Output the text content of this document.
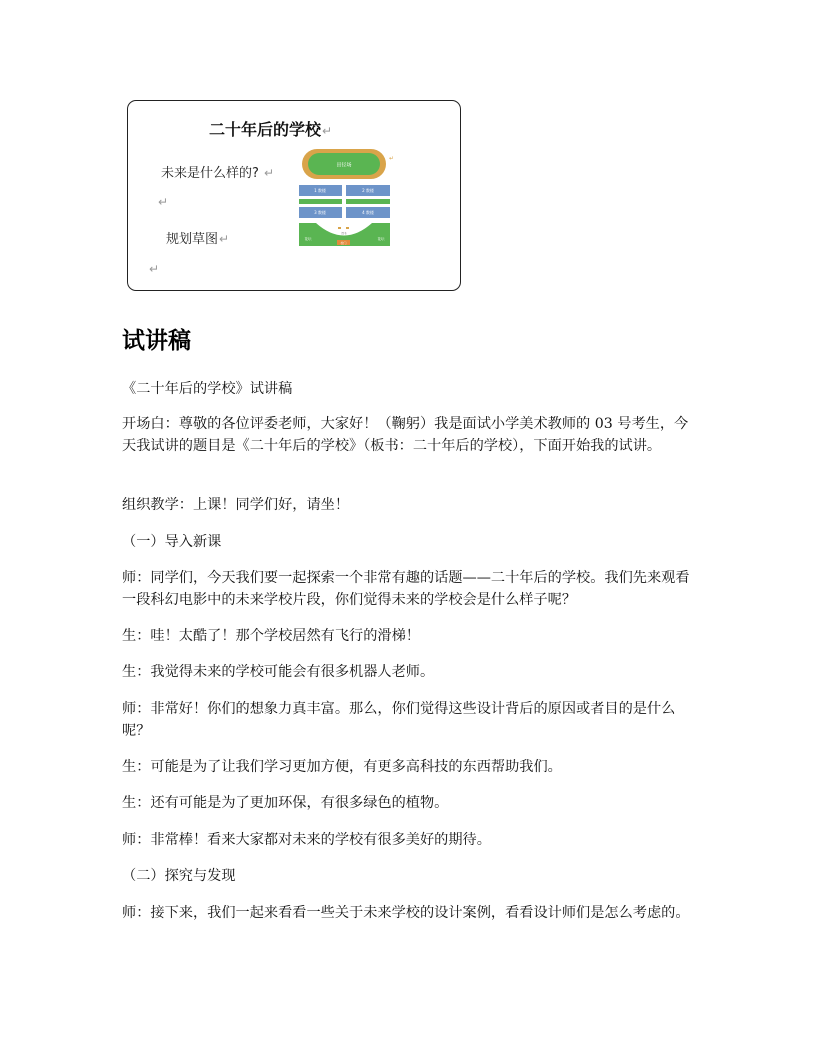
二十年后的学校↵
未来是什么样的? ↵
↵
规划草图↵
↵
田径场
↵
1 教楼	2 教楼
3 教楼	4 教楼
图书
花坛	花坛
校门
试讲稿
《二十年后的学校》试讲稿
开场白：尊敬的各位评委老师，大家好！（鞠躬）我是面试小学美术教师的 03 号考生，今天我试讲的题目是《二十年后的学校》（板书：二十年后的学校），下面开始我的试讲。
组织教学：上课！同学们好，请坐！
（一）导入新课
师：同学们，今天我们要一起探索一个非常有趣的话题——二十年后的学校。我们先来观看一段科幻电影中的未来学校片段，你们觉得未来的学校会是什么样子呢？
生：哇！太酷了！那个学校居然有飞行的滑梯！
生：我觉得未来的学校可能会有很多机器人老师。
师：非常好！你们的想象力真丰富。那么，你们觉得这些设计背后的原因或者目的是什么呢？
生：可能是为了让我们学习更加方便，有更多高科技的东西帮助我们。
生：还有可能是为了更加环保，有很多绿色的植物。
师：非常棒！看来大家都对未来的学校有很多美好的期待。
（二）探究与发现
师：接下来，我们一起来看看一些关于未来学校的设计案例，看看设计师们是怎么考虑的。
